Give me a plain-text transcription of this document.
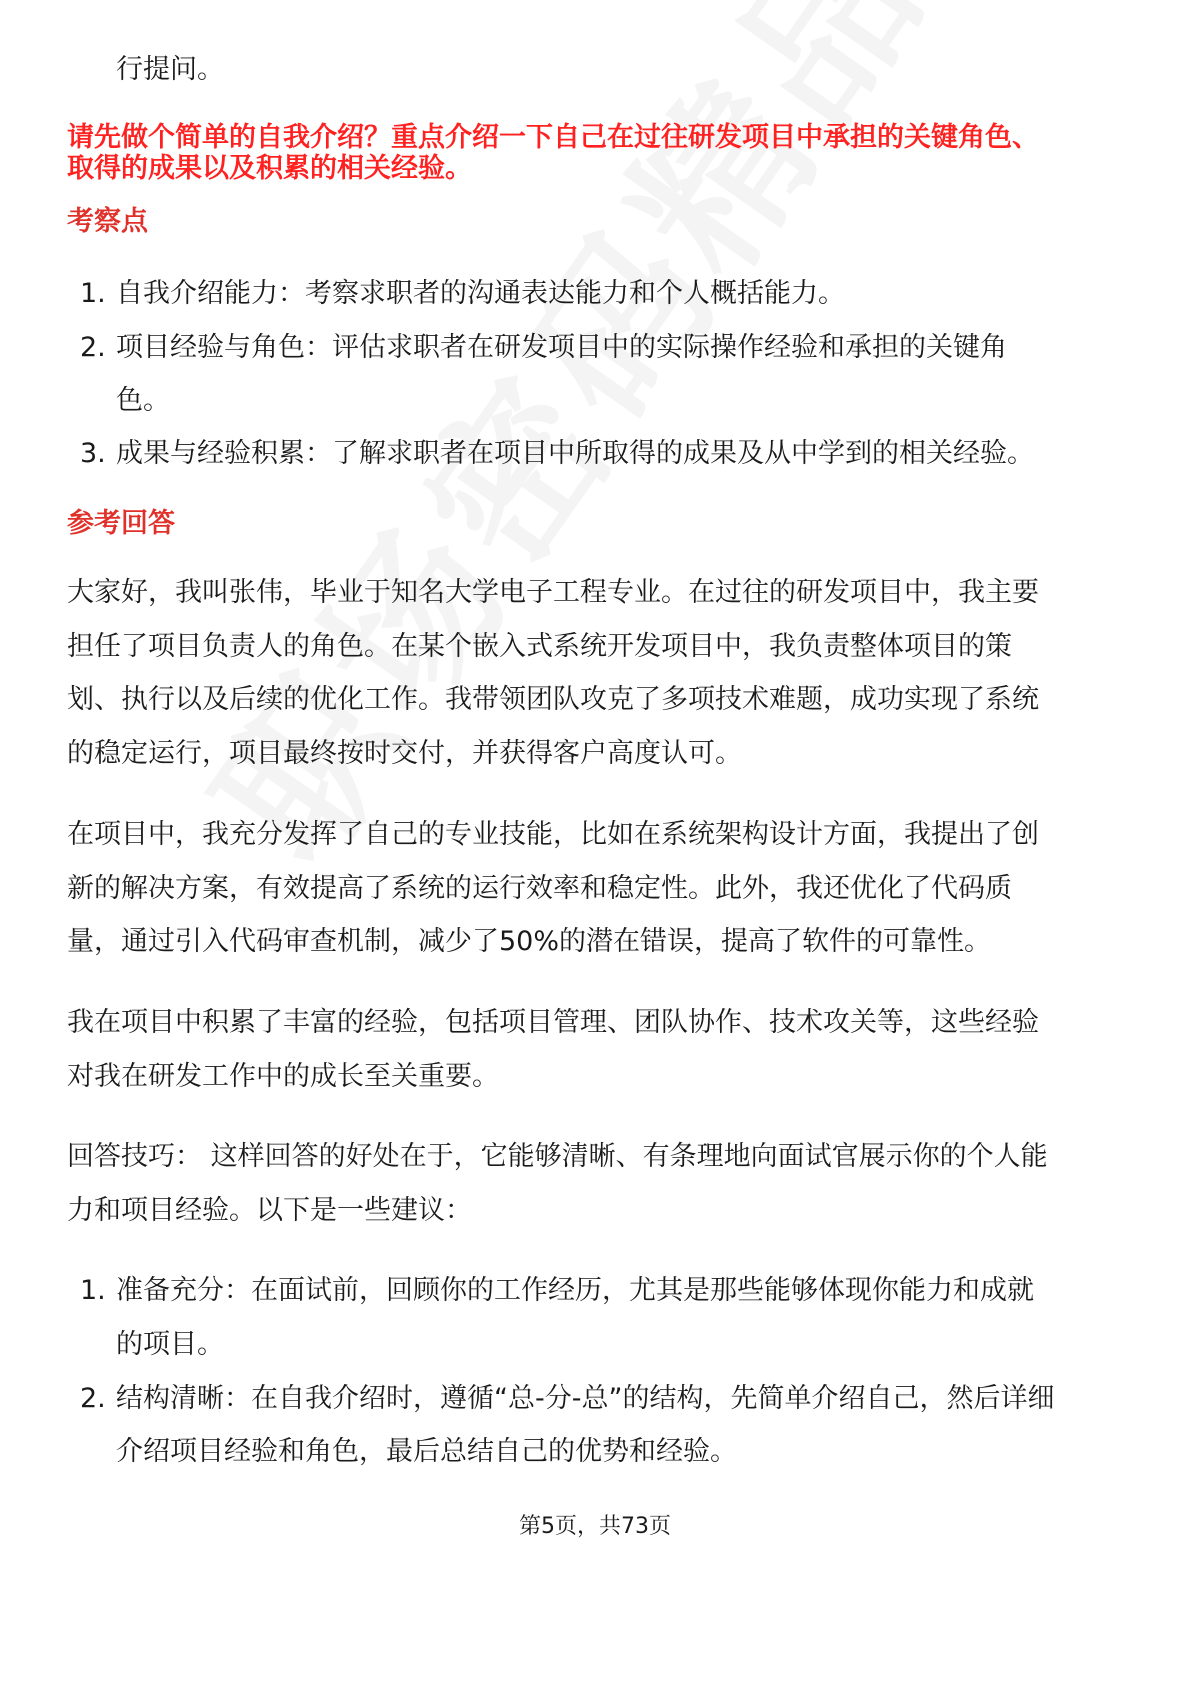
行提问。
请先做个简单的自我介绍？重点介绍一下自己在过往研发项目中承担的关键角色、
取得的成果以及积累的相关经验。
考察点
1. 自我介绍能力：考察求职者的沟通表达能力和个人概括能力。
2. 项目经验与角色：评估求职者在研发项目中的实际操作经验和承担的关键角
色。
3. 成果与经验积累：了解求职者在项目中所取得的成果及从中学到的相关经验。
参考回答
大家好，我叫张伟，毕业于知名大学电子工程专业。在过往的研发项目中，我主要
担任了项目负责人的角色。在某个嵌入式系统开发项目中，我负责整体项目的策
划、执行以及后续的优化工作。我带领团队攻克了多项技术难题，成功实现了系统
的稳定运行，项目最终按时交付，并获得客户高度认可。
在项目中，我充分发挥了自己的专业技能，比如在系统架构设计方面，我提出了创
新的解决方案，有效提高了系统的运行效率和稳定性。此外，我还优化了代码质
量，通过引入代码审查机制，减少了50%的潜在错误，提高了软件的可靠性。
我在项目中积累了丰富的经验，包括项目管理、团队协作、技术攻关等，这些经验
对我在研发工作中的成长至关重要。
回答技巧： 这样回答的好处在于，它能够清晰、有条理地向面试官展示你的个人能
力和项目经验。以下是一些建议：
1. 准备充分：在面试前，回顾你的工作经历，尤其是那些能够体现你能力和成就
的项目。
2. 结构清晰：在自我介绍时，遵循“总-分-总”的结构，先简单介绍自己，然后详细
介绍项目经验和角色，最后总结自己的优势和经验。
第5页，共73页
